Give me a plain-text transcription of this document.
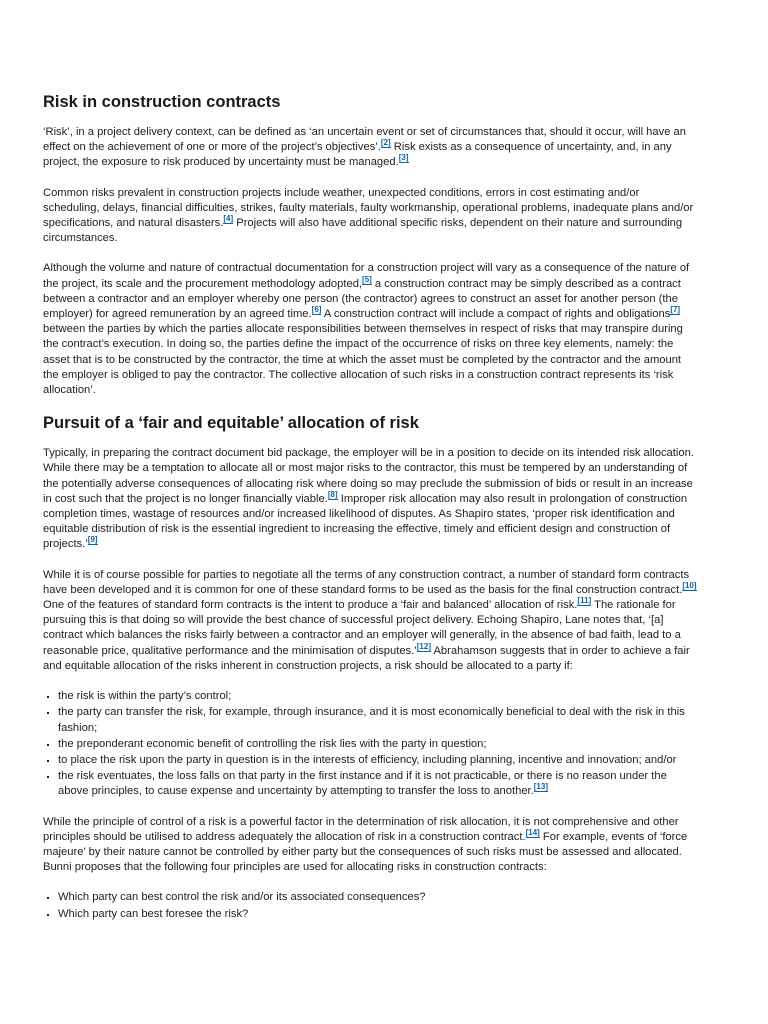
Risk in construction contracts

‘Risk’, in a project delivery context, can be defined as ‘an uncertain event or set of circumstances that, should it occur, will have an effect on the achievement of one or more of the project’s objectives’.[2] Risk exists as a consequence of uncertainty, and, in any project, the exposure to risk produced by uncertainty must be managed.[3]

Common risks prevalent in construction projects include weather, unexpected conditions, errors in cost estimating and/or scheduling, delays, financial difficulties, strikes, faulty materials, faulty workmanship, operational problems, inadequate plans and/or specifications, and natural disasters.[4] Projects will also have additional specific risks, dependent on their nature and surrounding circumstances.

Although the volume and nature of contractual documentation for a construction project will vary as a consequence of the nature of the project, its scale and the procurement methodology adopted,[5] a construction contract may be simply described as a contract between a contractor and an employer whereby one person (the contractor) agrees to construct an asset for another person (the employer) for agreed remuneration by an agreed time.[6] A construction contract will include a compact of rights and obligations[7] between the parties by which the parties allocate responsibilities between themselves in respect of risks that may transpire during the contract’s execution. In doing so, the parties define the impact of the occurrence of risks on three key elements, namely: the asset that is to be constructed by the contractor, the time at which the asset must be completed by the contractor and the amount the employer is obliged to pay the contractor. The collective allocation of such risks in a construction contract represents its ‘risk allocation’.

Pursuit of a ‘fair and equitable’ allocation of risk

Typically, in preparing the contract document bid package, the employer will be in a position to decide on its intended risk allocation. While there may be a temptation to allocate all or most major risks to the contractor, this must be tempered by an understanding of the potentially adverse consequences of allocating risk where doing so may preclude the submission of bids or result in an increase in cost such that the project is no longer financially viable.[8] Improper risk allocation may also result in prolongation of construction completion times, wastage of resources and/or increased likelihood of disputes. As Shapiro states, ‘proper risk identification and equitable distribution of risk is the essential ingredient to increasing the effective, timely and efficient design and construction of projects.’[9]

While it is of course possible for parties to negotiate all the terms of any construction contract, a number of standard form contracts have been developed and it is common for one of these standard forms to be used as the basis for the final construction contract.[10] One of the features of standard form contracts is the intent to produce a ‘fair and balanced’ allocation of risk.[11] The rationale for pursuing this is that doing so will provide the best chance of successful project delivery. Echoing Shapiro, Lane notes that, ‘[a] contract which balances the risks fairly between a contractor and an employer will generally, in the absence of bad faith, lead to a reasonable price, qualitative performance and the minimisation of disputes.’[12] Abrahamson suggests that in order to achieve a fair and equitable allocation of the risks inherent in construction projects, a risk should be allocated to a party if:

▪ the risk is within the party’s control;
▪ the party can transfer the risk, for example, through insurance, and it is most economically beneficial to deal with the risk in this fashion;
▪ the preponderant economic benefit of controlling the risk lies with the party in question;
▪ to place the risk upon the party in question is in the interests of efficiency, including planning, incentive and innovation; and/or
▪ the risk eventuates, the loss falls on that party in the first instance and if it is not practicable, or there is no reason under the above principles, to cause expense and uncertainty by attempting to transfer the loss to another.[13]

While the principle of control of a risk is a powerful factor in the determination of risk allocation, it is not comprehensive and other principles should be utilised to address adequately the allocation of risk in a construction contract.[14] For example, events of ‘force majeure’ by their nature cannot be controlled by either party but the consequences of such risks must be assessed and allocated. Bunni proposes that the following four principles are used for allocating risks in construction contracts:

▪ Which party can best control the risk and/or its associated consequences?
▪ Which party can best foresee the risk?
